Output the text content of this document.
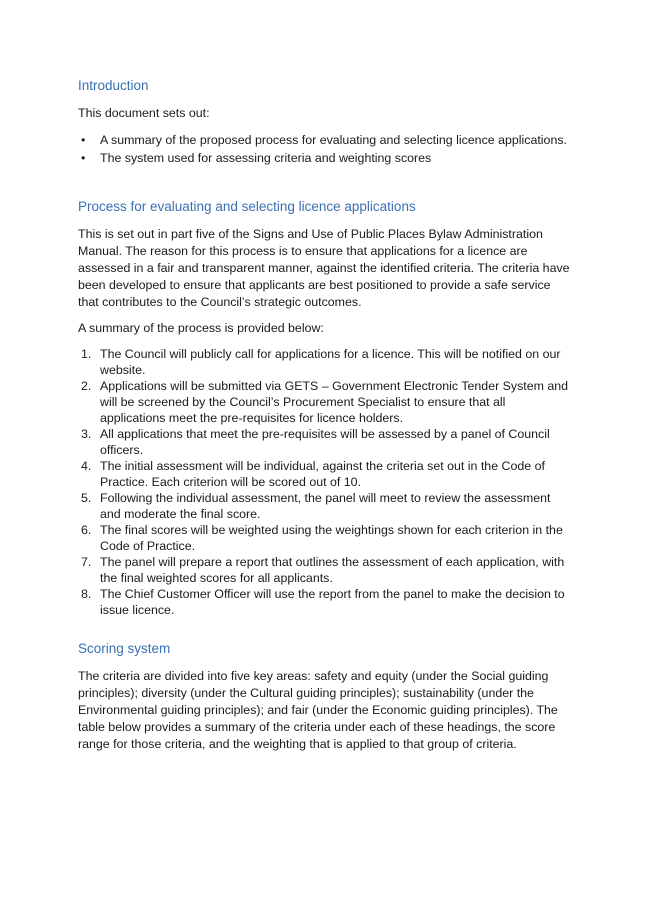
Introduction

This document sets out:

• A summary of the proposed process for evaluating and selecting licence applications.
• The system used for assessing criteria and weighting scores
Process for evaluating and selecting licence applications

This is set out in part five of the Signs and Use of Public Places Bylaw Administration Manual. The reason for this process is to ensure that applications for a licence are assessed in a fair and transparent manner, against the identified criteria. The criteria have been developed to ensure that applicants are best positioned to provide a safe service that contributes to the Council’s strategic outcomes.

A summary of the process is provided below:

1. The Council will publicly call for applications for a licence. This will be notified on our website.
2. Applications will be submitted via GETS – Government Electronic Tender System and will be screened by the Council’s Procurement Specialist to ensure that all applications meet the pre-requisites for licence holders.
3. All applications that meet the pre-requisites will be assessed by a panel of Council officers.
4. The initial assessment will be individual, against the criteria set out in the Code of Practice. Each criterion will be scored out of 10.
5. Following the individual assessment, the panel will meet to review the assessment and moderate the final score.
6. The final scores will be weighted using the weightings shown for each criterion in the Code of Practice.
7. The panel will prepare a report that outlines the assessment of each application, with the final weighted scores for all applicants.
8. The Chief Customer Officer will use the report from the panel to make the decision to issue licence.
Scoring system

The criteria are divided into five key areas: safety and equity (under the Social guiding principles); diversity (under the Cultural guiding principles); sustainability (under the Environmental guiding principles); and fair (under the Economic guiding principles). The table below provides a summary of the criteria under each of these headings, the score range for those criteria, and the weighting that is applied to that group of criteria.
